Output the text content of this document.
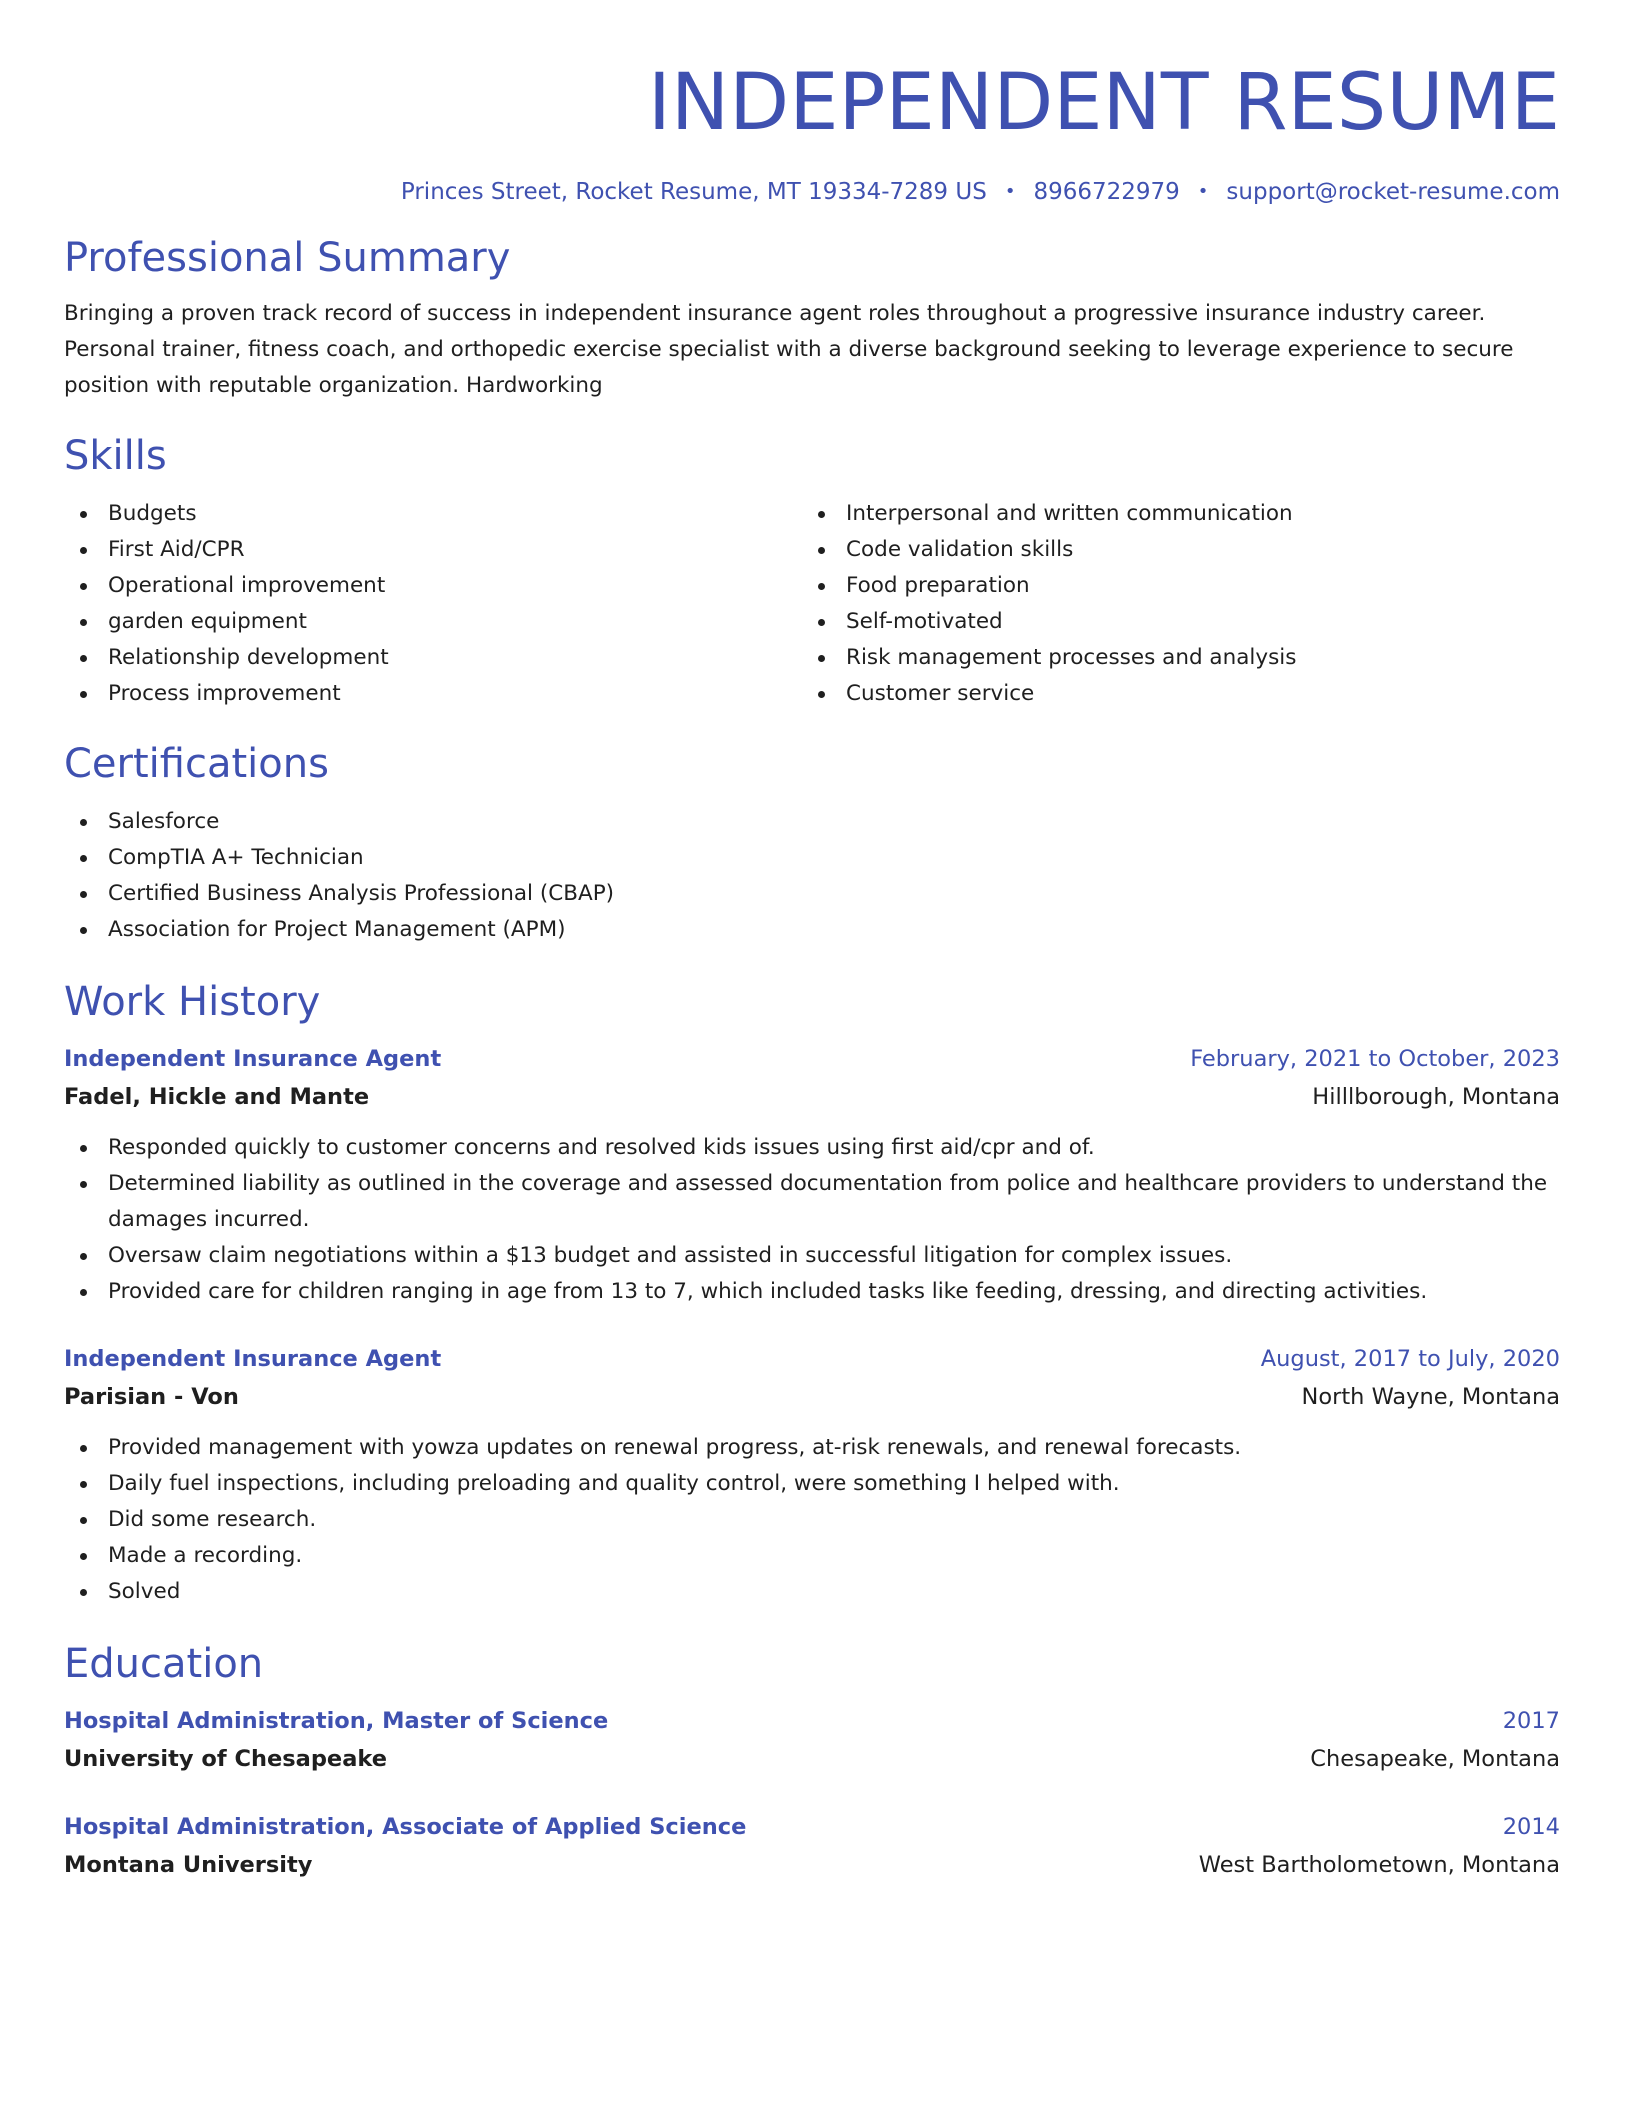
INDEPENDENT RESUME
Princes Street, Rocket Resume, MT 19334-7289 US • 8966722979 • support@rocket-resume.com
Professional Summary

Bringing a proven track record of success in independent insurance agent roles throughout a progressive insurance industry career. Personal trainer, fitness coach, and orthopedic exercise specialist with a diverse background seeking to leverage experience to secure position with reputable organization. Hardworking

Skills
Budgets
First Aid/CPR
Operational improvement
garden equipment
Relationship development
Process improvement
Interpersonal and written communication
Code validation skills
Food preparation
Self-motivated
Risk management processes and analysis
Customer service
Certifications
Salesforce
CompTIA A+ Technician
Certified Business Analysis Professional (CBAP)
Association for Project Management (APM)
Work History
Independent Insurance Agent	February, 2021 to October, 2023
Fadel, Hickle and Mante	Hilllborough, Montana
Responded quickly to customer concerns and resolved kids issues using first aid/cpr and of.
Determined liability as outlined in the coverage and assessed documentation from police and healthcare providers to understand the damages incurred.
Oversaw claim negotiations within a $13 budget and assisted in successful litigation for complex issues.
Provided care for children ranging in age from 13 to 7, which included tasks like feeding, dressing, and directing activities.
Independent Insurance Agent	August, 2017 to July, 2020
Parisian - Von	North Wayne, Montana
Provided management with yowza updates on renewal progress, at-risk renewals, and renewal forecasts.
Daily fuel inspections, including preloading and quality control, were something I helped with.
Did some research.
Made a recording.
Solved
Education
Hospital Administration, Master of Science	2017
University of Chesapeake	Chesapeake, Montana
Hospital Administration, Associate of Applied Science	2014
Montana University	West Bartholometown, Montana
